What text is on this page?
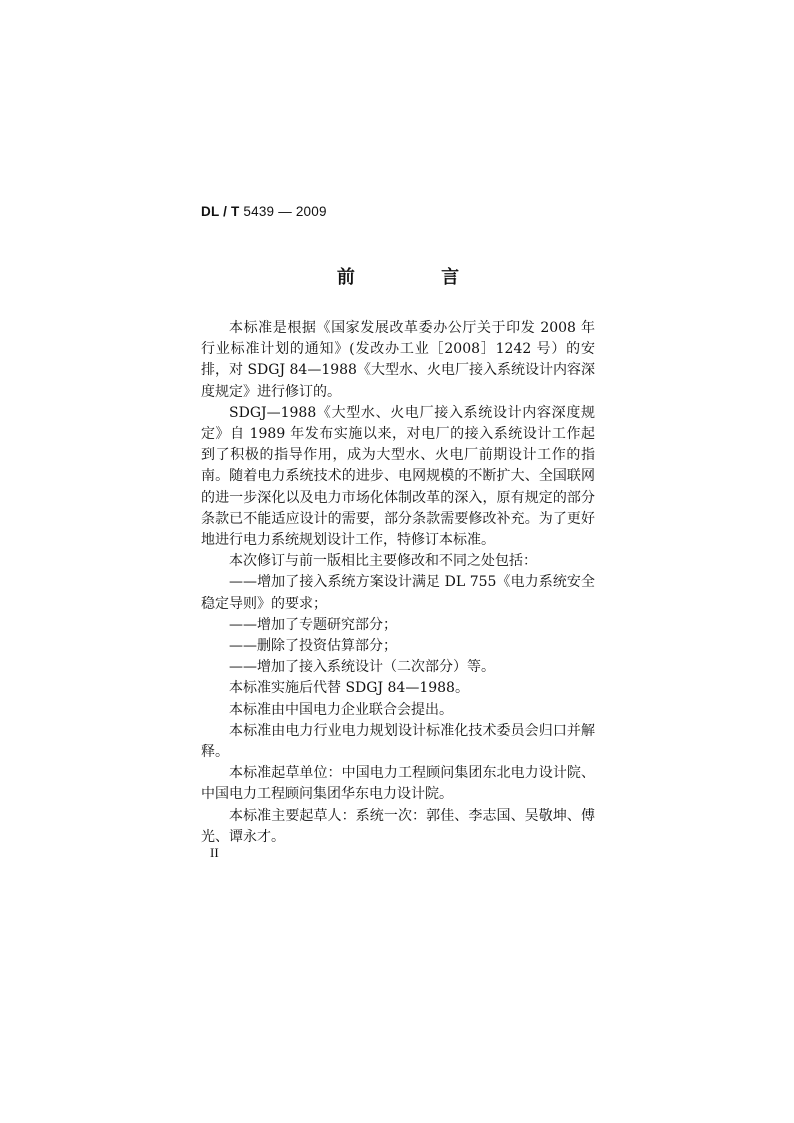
DL / T 5439 — 2009
前 言

本标准是根据《国家发展改革委办公厅关于印发 2008 年行业标准计划的通知》(发改办工业［2008］1242 号）的安排，对 SDGJ 84—1988《大型水、火电厂接入系统设计内容深度规定》进行修订的。

SDGJ—1988《大型水、火电厂接入系统设计内容深度规定》自 1989 年发布实施以来，对电厂的接入系统设计工作起到了积极的指导作用，成为大型水、火电厂前期设计工作的指南。随着电力系统技术的进步、电网规模的不断扩大、全国联网的进一步深化以及电力市场化体制改革的深入，原有规定的部分条款已不能适应设计的需要，部分条款需要修改补充。为了更好地进行电力系统规划设计工作，特修订本标准。

本次修订与前一版相比主要修改和不同之处包括：

——增加了接入系统方案设计满足 DL 755《电力系统安全稳定导则》的要求；

——增加了专题研究部分；

——删除了投资估算部分；

——增加了接入系统设计（二次部分）等。

本标准实施后代替 SDGJ 84—1988。

本标准由中国电力企业联合会提出。

本标准由电力行业电力规划设计标准化技术委员会归口并解释。

本标准起草单位：中国电力工程顾问集团东北电力设计院、中国电力工程顾问集团华东电力设计院。

本标准主要起草人：系统一次：郭佳、李志国、吴敬坤、傅光、谭永才。

II
